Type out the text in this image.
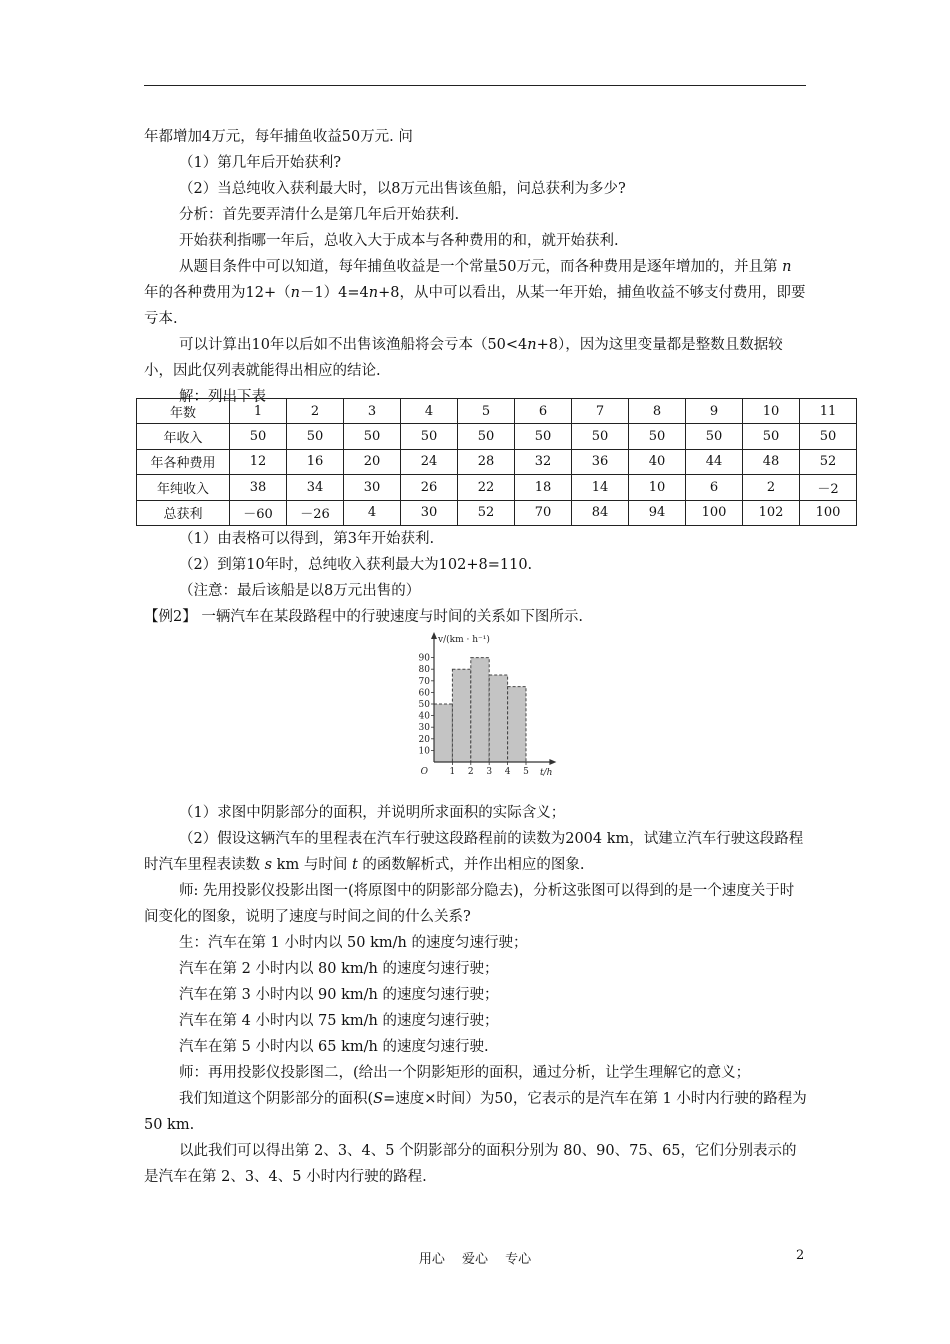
年都增加4万元，每年捕鱼收益50万元. 问

（1）第几年后开始获利?

（2）当总纯收入获利最大时，以8万元出售该鱼船，问总获利为多少?

分析：首先要弄清什么是第几年后开始获利.

开始获利指哪一年后，总收入大于成本与各种费用的和，就开始获利.

从题目条件中可以知道，每年捕鱼收益是一个常量50万元，而各种费用是逐年增加的，并且第 n 年的各种费用为12+（n－1）4=4n+8，从中可以看出，从某一年开始，捕鱼收益不够支付费用，即要亏本.

可以计算出10年以后如不出售该渔船将会亏本（50<4n+8），因为这里变量都是整数且数据较小，因此仅列表就能得出相应的结论.

解：列出下表

年数	1	2	3	4	5	6	7	8	9	10	11
年收入	50	50	50	50	50	50	50	50	50	50	50
年各种费用	12	16	20	24	28	32	36	40	44	48	52
年纯收入	38	34	30	26	22	18	14	10	6	2	－2
总获利	－60	－26	4	30	52	70	84	94	100	102	100

（1）由表格可以得到，第3年开始获利.

（2）到第10年时，总纯收入获利最大为102+8=110.

（注意：最后该船是以8万元出售的）

【例2】 一辆汽车在某段路程中的行驶速度与时间的关系如下图所示.

10
20
30
40
50
60
70
80
90
1 2 3 4 5
O	t/h
v/(km · h⁻¹)

（1）求图中阴影部分的面积，并说明所求面积的实际含义；

（2）假设这辆汽车的里程表在汽车行驶这段路程前的读数为2004 km，试建立汽车行驶这段路程时汽车里程表读数 s km 与时间 t 的函数解析式，并作出相应的图象.

师: 先用投影仪投影出图一(将原图中的阴影部分隐去)，分析这张图可以得到的是一个速度关于时间变化的图象，说明了速度与时间之间的什么关系?

生：汽车在第 1 小时内以 50 km/h 的速度匀速行驶；

汽车在第 2 小时内以 80 km/h 的速度匀速行驶；

汽车在第 3 小时内以 90 km/h 的速度匀速行驶；

汽车在第 4 小时内以 75 km/h 的速度匀速行驶；

汽车在第 5 小时内以 65 km/h 的速度匀速行驶.

师：再用投影仪投影图二，(给出一个阴影矩形的面积，通过分析，让学生理解它的意义；

我们知道这个阴影部分的面积(S=速度×时间）为50，它表示的是汽车在第 1 小时内行驶的路程为 50 km.

以此我们可以得出第 2、3、4、5 个阴影部分的面积分别为 80、90、75、65，它们分别表示的是汽车在第 2、3、4、5 小时内行驶的路程.

用心　 爱心　 专心	2
